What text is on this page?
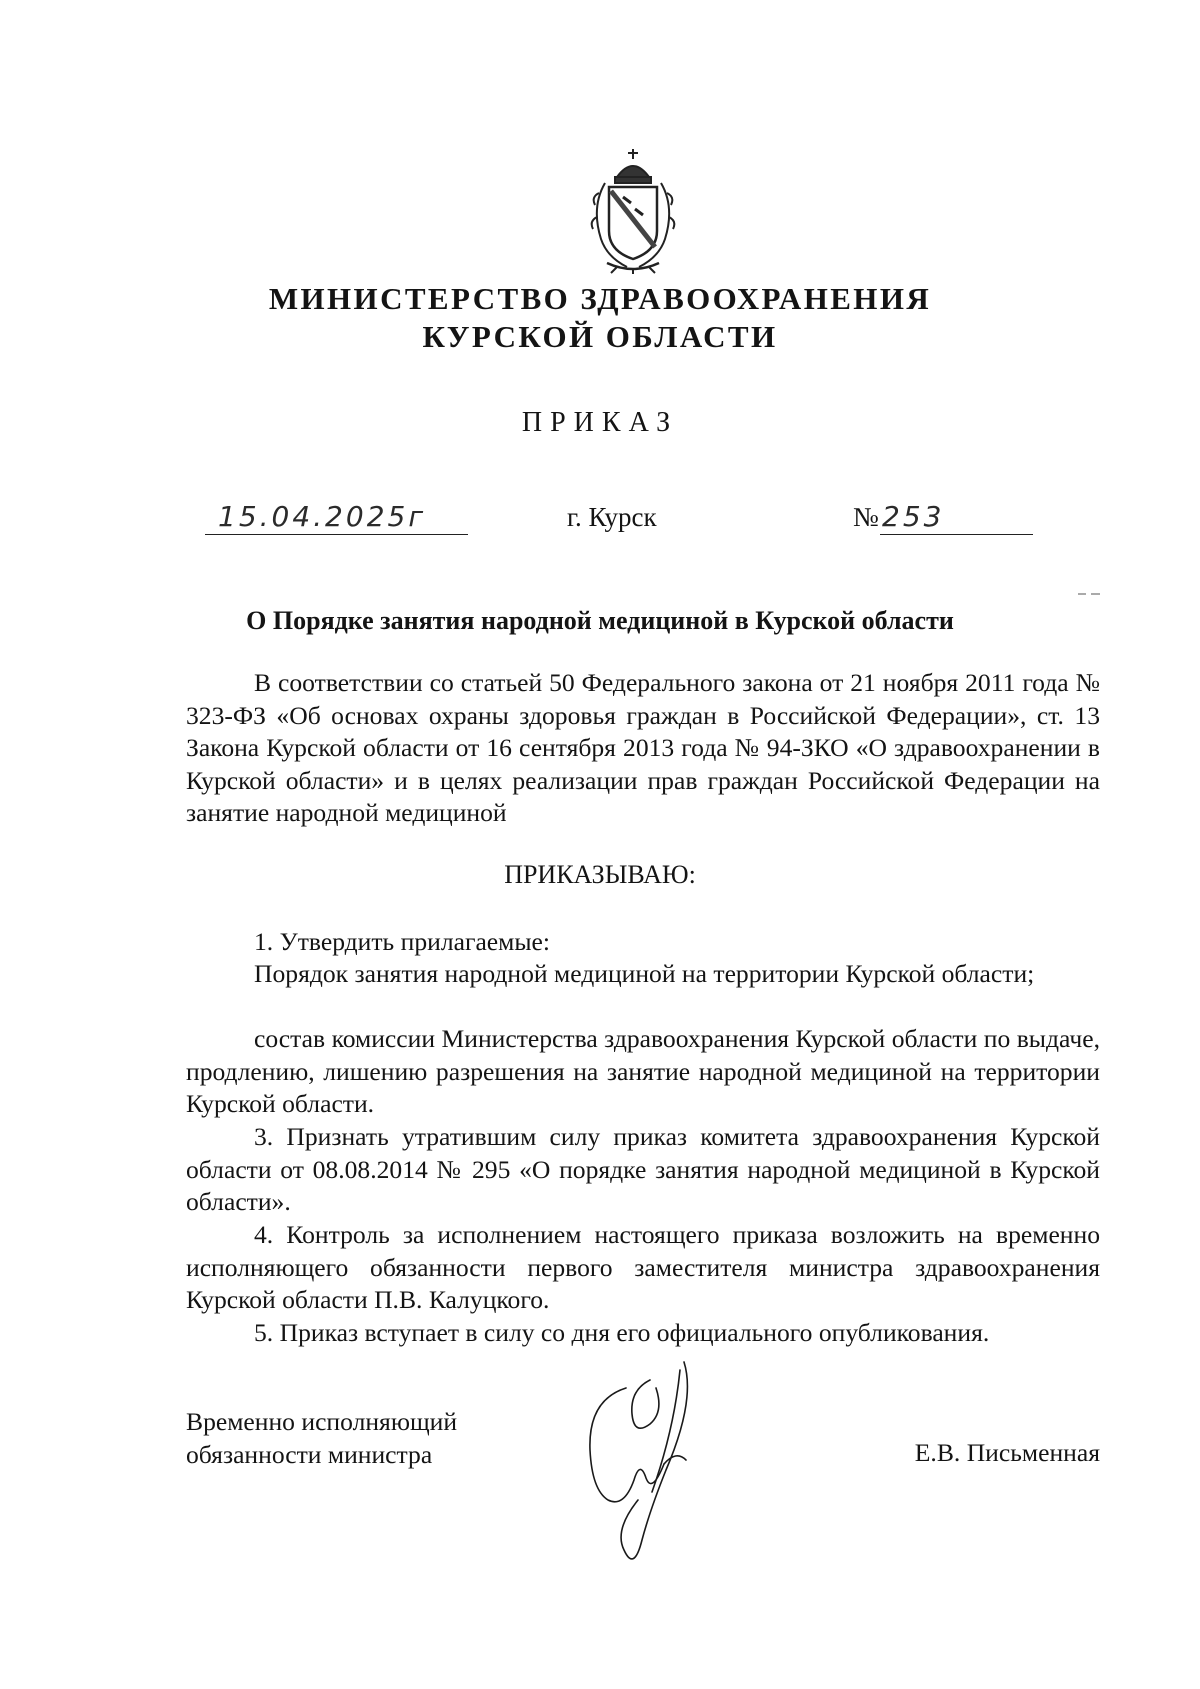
МИНИСТЕРСТВО ЗДРАВООХРАНЕНИЯ
КУРСКОЙ ОБЛАСТИ
ПРИКАЗ
15.04.2025г	г. Курск	№ 253
О Порядке занятия народной медициной в Курской области

В соответствии со статьей 50 Федерального закона от 21 ноября 2011 года № 323-ФЗ «Об основах охраны здоровья граждан в Российской Федерации», ст. 13 Закона Курской области от 16 сентября 2013 года № 94-ЗКО «О здравоохранении в Курской области» и в целях реализации прав граждан Российской Федерации на занятие народной медициной

ПРИКАЗЫВАЮ:

1. Утвердить прилагаемые:

Порядок занятия народной медициной на территории Курской области;

состав комиссии Министерства здравоохранения Курской области по выдаче, продлению, лишению разрешения на занятие народной медициной на территории Курской области.

3. Признать утратившим силу приказ комитета здравоохранения Курской области от 08.08.2014 № 295 «О порядке занятия народной медициной в Курской области».

4. Контроль за исполнением настоящего приказа возложить на временно исполняющего обязанности первого заместителя министра здравоохранения Курской области П.В. Калуцкого.

5. Приказ вступает в силу со дня его официального опубликования.

Временно исполняющий
обязанности министра	Е.В. Письменная
